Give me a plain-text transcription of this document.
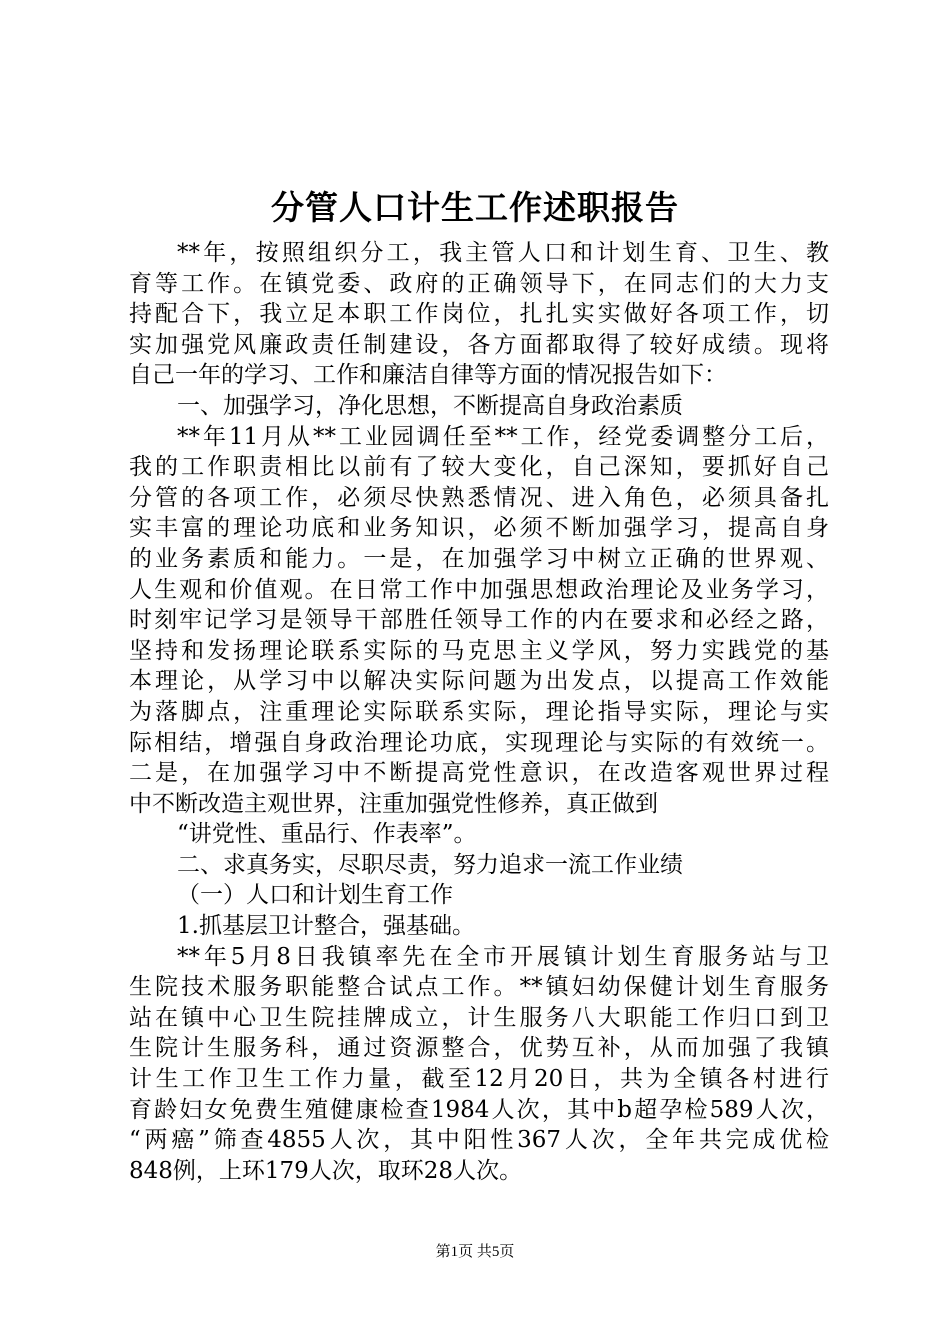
分管人口计生工作述职报告
**年，按照组织分工，我主管人口和计划生育、卫生、教
育等工作。在镇党委、政府的正确领导下，在同志们的大力支
持配合下，我立足本职工作岗位，扎扎实实做好各项工作，切
实加强党风廉政责任制建设，各方面都取得了较好成绩。现将
自己一年的学习、工作和廉洁自律等方面的情况报告如下：
一、加强学习，净化思想，不断提高自身政治素质
**年11月从**工业园调任至**工作，经党委调整分工后，
我的工作职责相比以前有了较大变化，自己深知，要抓好自己
分管的各项工作，必须尽快熟悉情况、进入角色，必须具备扎
实丰富的理论功底和业务知识，必须不断加强学习，提高自身
的业务素质和能力。一是，在加强学习中树立正确的世界观、
人生观和价值观。在日常工作中加强思想政治理论及业务学习，
时刻牢记学习是领导干部胜任领导工作的内在要求和必经之路，
坚持和发扬理论联系实际的马克思主义学风，努力实践党的基
本理论，从学习中以解决实际问题为出发点，以提高工作效能
为落脚点，注重理论实际联系实际，理论指导实际，理论与实
际相结，增强自身政治理论功底，实现理论与实际的有效统一。
二是，在加强学习中不断提高党性意识，在改造客观世界过程
中不断改造主观世界，注重加强党性修养，真正做到
“讲党性、重品行、作表率”。
二、求真务实，尽职尽责，努力追求一流工作业绩
（一）人口和计划生育工作
1.抓基层卫计整合，强基础。
**年5月8日我镇率先在全市开展镇计划生育服务站与卫
生院技术服务职能整合试点工作。**镇妇幼保健计划生育服务
站在镇中心卫生院挂牌成立，计生服务八大职能工作归口到卫
生院计生服务科，通过资源整合，优势互补，从而加强了我镇
计生工作卫生工作力量，截至12月20日，共为全镇各村进行
育龄妇女免费生殖健康检查1984人次，其中b超孕检589人次，
“两癌”筛查4855人次，其中阳性367人次，全年共完成优检
848例，上环179人次，取环28人次。
第1页 共5页
